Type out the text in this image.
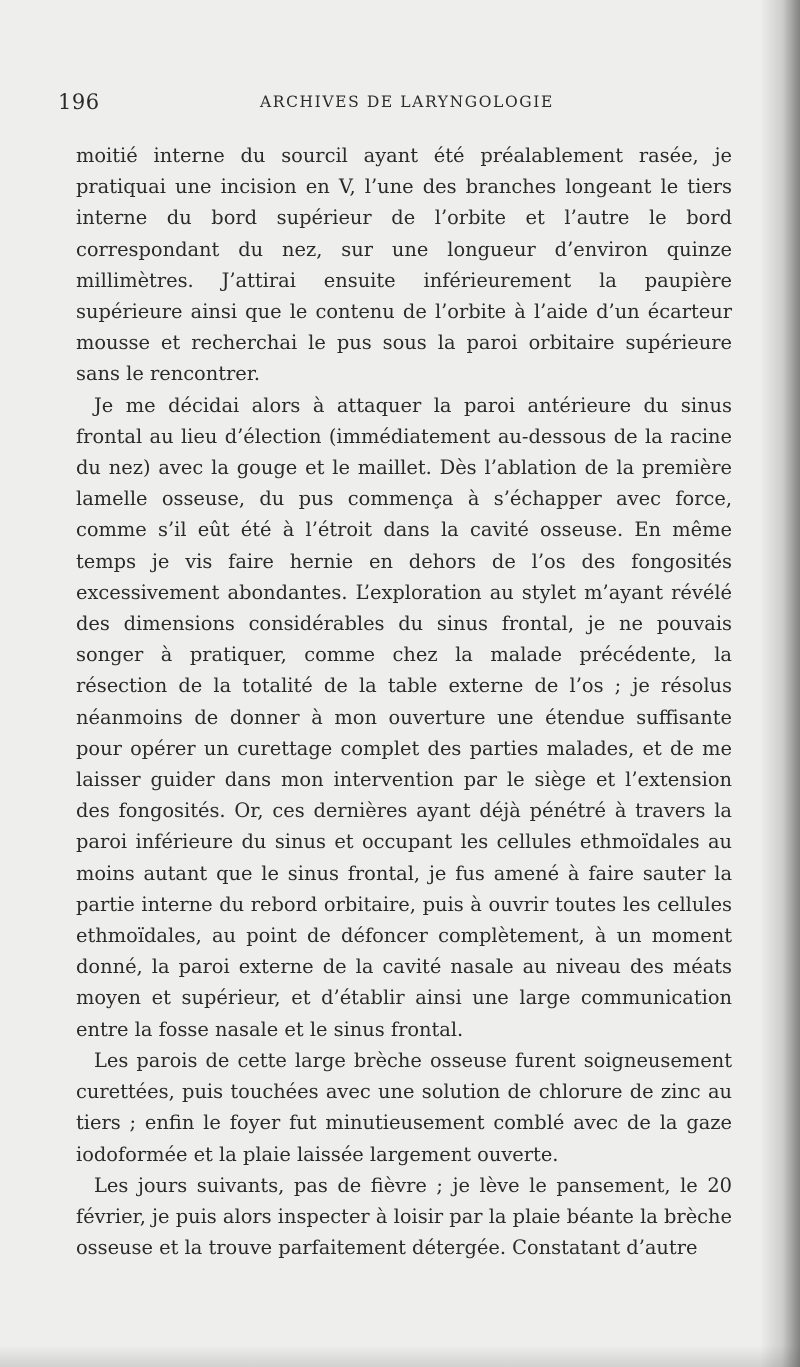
196	ARCHIVES DE LARYNGOLOGIE

moitié interne du sourcil ayant été préalablement rasée, je pratiquai une incision en V, l’une des branches longeant le tiers interne du bord supérieur de l’orbite et l’autre le bord correspondant du nez, sur une longueur d’environ quinze millimètres. J’attirai ensuite inférieurement la paupière supérieure ainsi que le contenu de l’orbite à l’aide d’un écarteur mousse et recherchai le pus sous la paroi orbitaire supérieure sans le rencontrer.

Je me décidai alors à attaquer la paroi antérieure du sinus frontal au lieu d’élection (immédiatement au-dessous de la racine du nez) avec la gouge et le maillet. Dès l’ablation de la première lamelle osseuse, du pus commença à s’échapper avec force, comme s’il eût été à l’étroit dans la cavité osseuse. En même temps je vis faire hernie en dehors de l’os des fongosités excessivement abondantes. L’exploration au stylet m’ayant révélé des dimensions considérables du sinus frontal, je ne pouvais songer à pratiquer, comme chez la malade précédente, la résection de la totalité de la table externe de l’os ; je résolus néanmoins de donner à mon ouverture une étendue suffisante pour opérer un curettage complet des parties malades, et de me laisser guider dans mon intervention par le siège et l’extension des fongosités. Or, ces dernières ayant déjà pénétré à travers la paroi inférieure du sinus et occupant les cellules ethmoïdales au moins autant que le sinus frontal, je fus amené à faire sauter la partie interne du rebord orbitaire, puis à ouvrir toutes les cellules ethmoïdales, au point de défoncer complètement, à un moment donné, la paroi externe de la cavité nasale au niveau des méats moyen et supérieur, et d’établir ainsi une large communication entre la fosse nasale et le sinus frontal.

Les parois de cette large brèche osseuse furent soigneusement curettées, puis touchées avec une solution de chlorure de zinc au tiers ; enfin le foyer fut minutieusement comblé avec de la gaze iodoformée et la plaie laissée largement ouverte.

Les jours suivants, pas de fièvre ; je lève le pansement, le 20 février, je puis alors inspecter à loisir par la plaie béante la brèche osseuse et la trouve parfaitement détergée. Constatant d’autre
